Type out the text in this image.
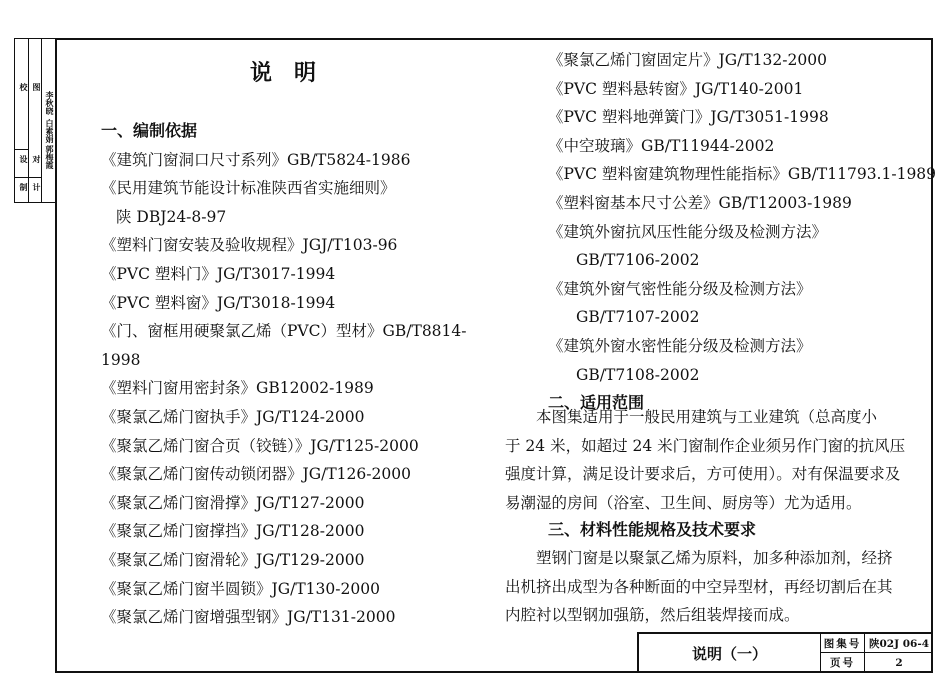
校
设
制
对
计
图
李秋晓
白素娟
郭梅霞
说明
一、编制依据
《建筑门窗洞口尺寸系列》GB/T5824-1986
《民用建筑节能设计标准陕西省实施细则》
陕 DBJ24-8-97
《塑料门窗安装及验收规程》JGJ/T103-96
《PVC 塑料门》JG/T3017-1994
《PVC 塑料窗》JG/T3018-1994
《门、窗框用硬聚氯乙烯（PVC）型材》GB/T8814-
1998
《塑料门窗用密封条》GB12002-1989
《聚氯乙烯门窗执手》JG/T124-2000
《聚氯乙烯门窗合页（铰链）》JG/T125-2000
《聚氯乙烯门窗传动锁闭器》JG/T126-2000
《聚氯乙烯门窗滑撑》JG/T127-2000
《聚氯乙烯门窗撑挡》JG/T128-2000
《聚氯乙烯门窗滑轮》JG/T129-2000
《聚氯乙烯门窗半圆锁》JG/T130-2000
《聚氯乙烯门窗增强型钢》JG/T131-2000
《聚氯乙烯门窗固定片》JG/T132-2000
《PVC 塑料悬转窗》JG/T140-2001
《PVC 塑料地弹簧门》JG/T3051-1998
《中空玻璃》GB/T11944-2002
《PVC 塑料窗建筑物理性能指标》GB/T11793.1-1989
《塑料窗基本尺寸公差》GB/T12003-1989
《建筑外窗抗风压性能分级及检测方法》
GB/T7106-2002
《建筑外窗气密性能分级及检测方法》
GB/T7107-2002
《建筑外窗水密性能分级及检测方法》
GB/T7108-2002
二、适用范围
　　本图集适用于一般民用建筑与工业建筑（总高度小
于 24 米，如超过 24 米门窗制作企业须另作门窗的抗风压
强度计算，满足设计要求后，方可使用）。对有保温要求及
易潮湿的房间（浴室、卫生间、厨房等）尤为适用。
三、材料性能规格及技术要求
　　塑钢门窗是以聚氯乙烯为原料，加多种添加剂，经挤
出机挤出成型为各种断面的中空异型材，再经切割后在其
内腔衬以型钢加强筋，然后组装焊接而成。
说明（一）
图集号 陕02J 06-4
页号	2
